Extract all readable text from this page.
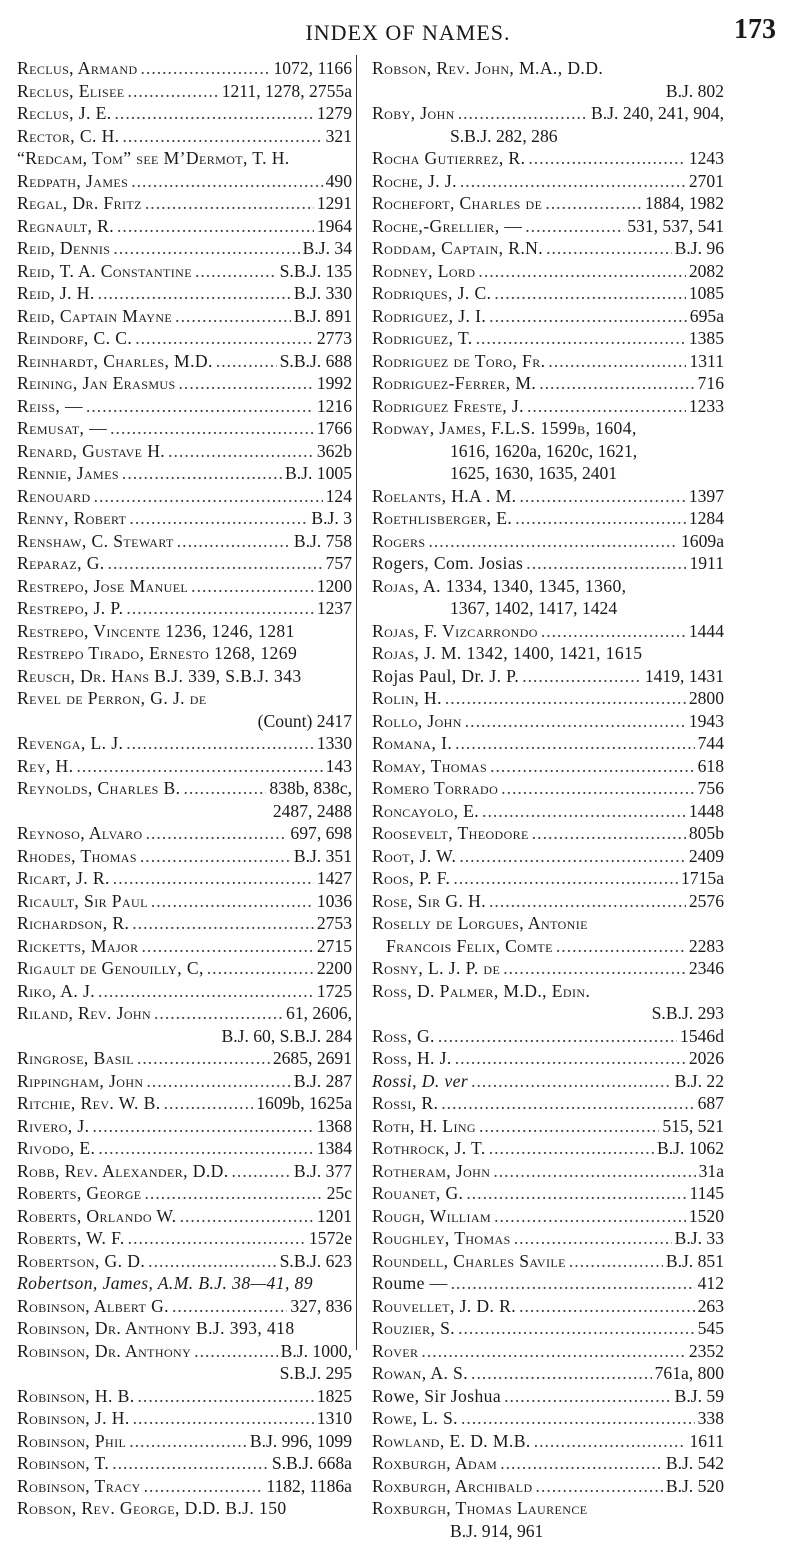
INDEX OF NAMES.	173
Reclus, Armand .....	1072, 1166
Reclus, Elisee .....	1211, 1278, 2755a
Reclus, J. E. .....	1279
Rector, C. H. .....	321
“Redcam, Tom” see M’Dermot, T. H.
Redpath, James .....	490
Regal, Dr. Fritz .....	1291
Regnault, R. .....	1964
Reid, Dennis .....	B.J. 34
Reid, T. A. Constantine .....	S.B.J. 135
Reid, J. H. .....	B.J. 330
Reid, Captain Mayne .....	B.J. 891
Reindorf, C. C. .....	2773
Reinhardt, Charles, M.D. .....	S.B.J. 688
Reining, Jan Erasmus .....	1992
Reiss, — .....	1216
Remusat, — .....	1766
Renard, Gustave H. .....	362b
Rennie, James .....	B.J. 1005
Renouard .....	124
Renny, Robert .....	B.J. 3
Renshaw, C. Stewart .....	B.J. 758
Reparaz, G. .....	757
Restrepo, Jose Manuel .....	1200
Restrepo, J. P. .....	1237
Restrepo, Vincente 1236, 1246, 1281
Restrepo Tirado, Ernesto 1268, 1269
Reusch, Dr. Hans B.J. 339, S.B.J. 343
Revel de Perron, G. J. de
(Count) 2417
Revenga, L. J. .....	1330
Rey, H. .....	143
Reynolds, Charles B. .....	838b, 838c,
2487, 2488
Reynoso, Alvaro .....	697, 698
Rhodes, Thomas .....	B.J. 351
Ricart, J. R. .....	1427
Ricault, Sir Paul .....	1036
Richardson, R. .....	2753
Ricketts, Major .....	2715
Rigault de Genouilly, C, .....	2200
Riko, A. J. .....	1725
Riland, Rev. John .....	61, 2606,
B.J. 60, S.B.J. 284
Ringrose, Basil .....	2685, 2691
Rippingham, John .....	B.J. 287
Ritchie, Rev. W. B. .....	1609b, 1625a
Rivero, J. .....	1368
Rivodo, E. .....	1384
Robb, Rev. Alexander, D.D. .....	B.J. 377
Roberts, George .....	25c
Roberts, Orlando W. .....	1201
Roberts, W. F. .....	1572e
Robertson, G. D. .....	S.B.J. 623
Robertson, James, A.M. B.J. 38—41, 89
Robinson, Albert G. .....	327, 836
Robinson, Dr. Anthony B.J. 393, 418
Robinson, Dr. Anthony .....	B.J. 1000,
S.B.J. 295
Robinson, H. B. .....	1825
Robinson, J. H. .....	1310
Robinson, Phil .....	B.J. 996, 1099
Robinson, T. .....	S.B.J. 668a
Robinson, Tracy .....	1182, 1186a
Robson, Rev. George, D.D. B.J. 150
Robson, Rev. John, M.A., D.D.
B.J. 802
Roby, John .....	B.J. 240, 241, 904,
S.B.J. 282, 286
Rocha Gutierrez, R. .....	1243
Roche, J. J. .....	2701
Rochefort, Charles de .....	1884, 1982
Roche,-Grellier, — .....	531, 537, 541
Roddam, Captain, R.N. .....	B.J. 96
Rodney, Lord .....	2082
Rodriques, J. C. .....	1085
Rodriguez, J. I. .....	695a
Rodriguez, T. .....	1385
Rodriguez de Toro, Fr. .....	1311
Rodriguez-Ferrer, M. .....	716
Rodriguez Freste, J. .....	1233
Rodway, James, F.L.S. 1599b, 1604,
1616, 1620a, 1620c, 1621,
1625, 1630, 1635, 2401
Roelants, H.A . M. .....	1397
Roethlisberger, E. .....	1284
Rogers .....	1609a
Rogers, Com. Josias .....	1911
Rojas, A. 1334, 1340, 1345, 1360,
1367, 1402, 1417, 1424
Rojas, F. Vizcarrondo .....	1444
Rojas, J. M. 1342, 1400, 1421, 1615
Rojas Paul, Dr. J. P. .....	1419, 1431
Rolin, H. .....	2800
Rollo, John .....	1943
Romana, I. .....	744
Romay, Thomas .....	618
Romero Torrado .....	756
Roncayolo, E. .....	1448
Roosevelt, Theodore .....	805b
Root, J. W. .....	2409
Roos, P. F. .....	1715a
Rose, Sir G. H. .....	2576
Roselly de Lorgues, Antonie
Francois Felix, Comte .....	2283
Rosny, L. J. P. de .....	2346
Ross, D. Palmer, M.D., Edin.
S.B.J. 293
Ross, G. .....	1546d
Ross, H. J. .....	2026
Rossi, D. ver .....	B.J. 22
Rossi, R. .....	687
Roth, H. Ling .....	515, 521
Rothrock, J. T. .....	B.J. 1062
Rotheram, John .....	31a
Rouanet, G. .....	1145
Rough, William .....	1520
Roughley, Thomas .....	B.J. 33
Roundell, Charles Savile .....	B.J. 851
Roume — .....	412
Rouvellet, J. D. R. .....	263
Rouzier, S. .....	545
Rover .....	2352
Rowan, A. S. .....	761a, 800
Rowe, Sir Joshua .....	B.J. 59
Rowe, L. S. .....	338
Rowland, E. D. M.B. .....	1611
Roxburgh, Adam .....	B.J. 542
Roxburgh, Archibald .....	B.J. 520
Roxburgh, Thomas Laurence
B.J. 914, 961
